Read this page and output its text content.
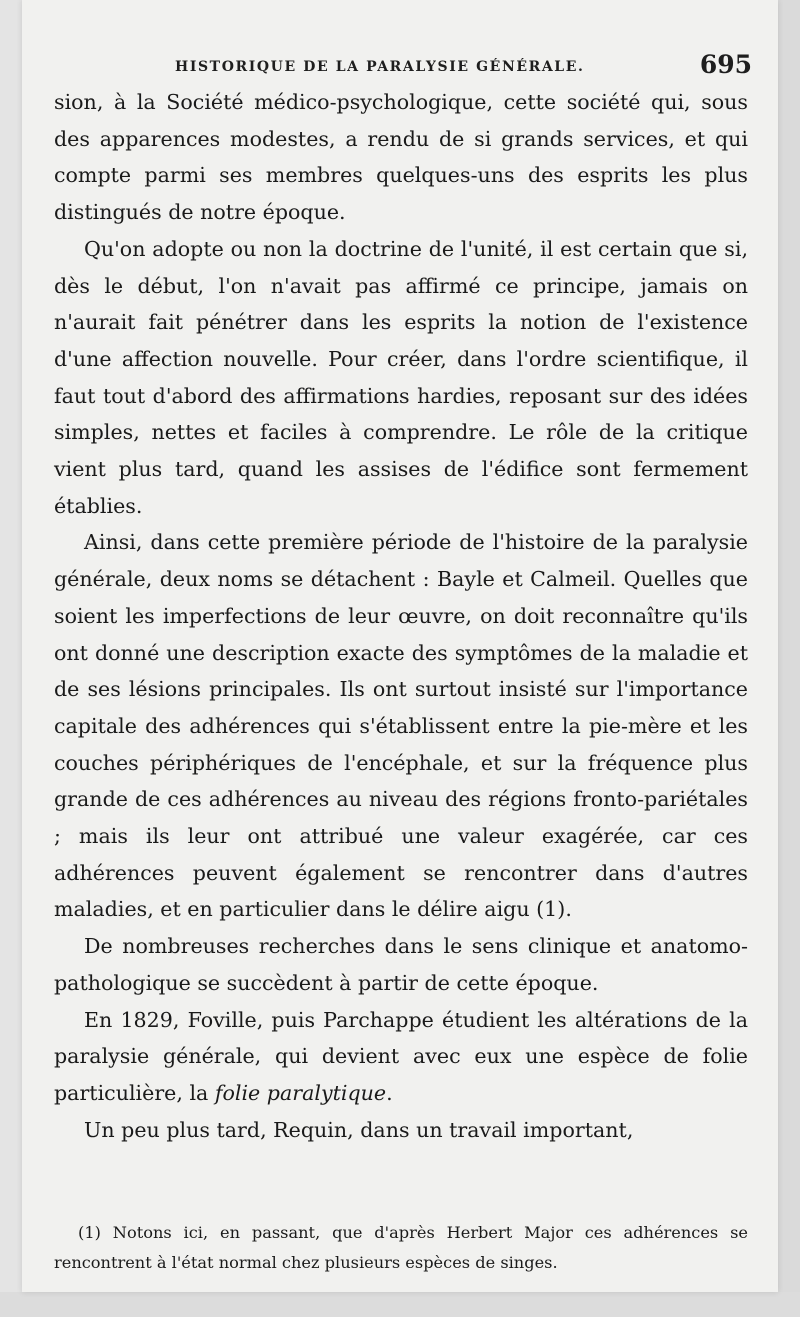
HISTORIQUE DE LA PARALYSIE GÉNÉRALE.	695

sion, à la Société médico-psychologique, cette société qui, sous des apparences modestes, a rendu de si grands services, et qui compte parmi ses membres quelques-uns des esprits les plus distingués de notre époque.

Qu'on adopte ou non la doctrine de l'unité, il est certain que si, dès le début, l'on n'avait pas affirmé ce principe, jamais on n'aurait fait pénétrer dans les esprits la notion de l'existence d'une affection nouvelle. Pour créer, dans l'ordre scientifique, il faut tout d'abord des affirmations hardies, reposant sur des idées simples, nettes et faciles à comprendre. Le rôle de la critique vient plus tard, quand les assises de l'édifice sont fermement établies.

Ainsi, dans cette première période de l'histoire de la paralysie générale, deux noms se détachent : Bayle et Calmeil. Quelles que soient les imperfections de leur œuvre, on doit reconnaître qu'ils ont donné une description exacte des symptômes de la maladie et de ses lésions principales. Ils ont surtout insisté sur l'importance capitale des adhérences qui s'établissent entre la pie-mère et les couches périphériques de l'encéphale, et sur la fréquence plus grande de ces adhérences au niveau des régions fronto-pariétales ; mais ils leur ont attribué une valeur exagérée, car ces adhérences peuvent également se rencontrer dans d'autres maladies, et en particulier dans le délire aigu (1).

De nombreuses recherches dans le sens clinique et anatomo-pathologique se succèdent à partir de cette époque.

En 1829, Foville, puis Parchappe étudient les altérations de la paralysie générale, qui devient avec eux une espèce de folie particulière, la folie paralytique.

Un peu plus tard, Requin, dans un travail important,

(1) Notons ici, en passant, que d'après Herbert Major ces adhérences se rencontrent à l'état normal chez plusieurs espèces de singes.
